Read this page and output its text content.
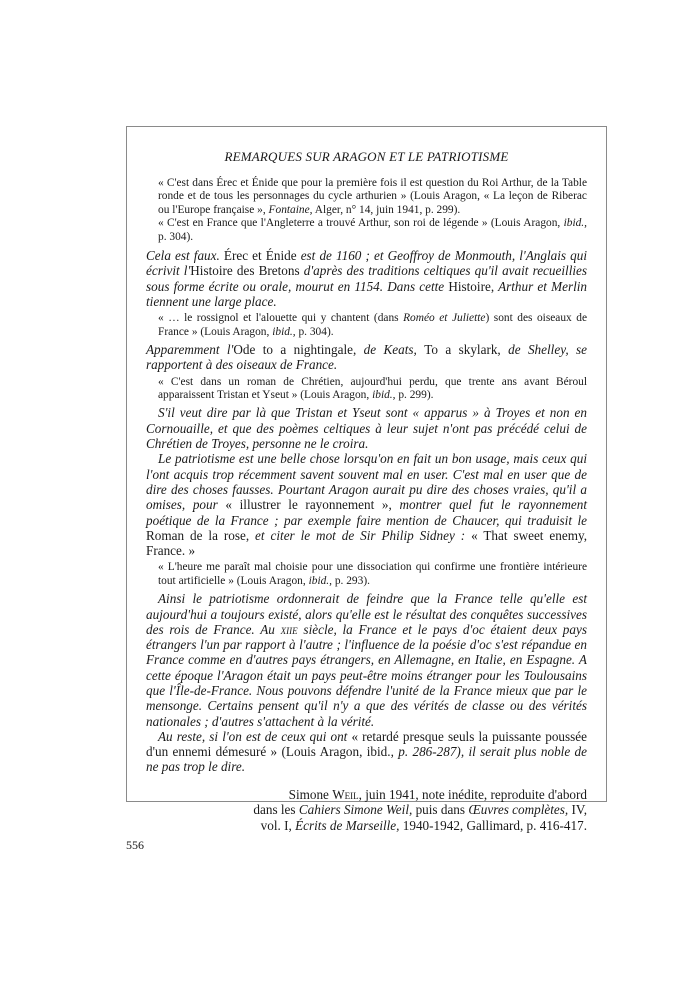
REMARQUES SUR ARAGON ET LE PATRIOTISME

« C'est dans Érec et Énide que pour la première fois il est question du Roi Arthur, de la Table ronde et de tous les personnages du cycle arthurien » (Louis Aragon, « La leçon de Riberac ou l'Europe française », Fontaine, Alger, n° 14, juin 1941, p. 299).

« C'est en France que l'Angleterre a trouvé Arthur, son roi de légende » (Louis Aragon, ibid., p. 304).

Cela est faux. Érec et Énide est de 1160 ; et Geoffroy de Monmouth, l'Anglais qui écrivit l'Histoire des Bretons d'après des traditions celtiques qu'il avait recueillies sous forme écrite ou orale, mourut en 1154. Dans cette Histoire, Arthur et Merlin tiennent une large place.

« … le rossignol et l'alouette qui y chantent (dans Roméo et Juliette) sont des oiseaux de France » (Louis Aragon, ibid., p. 304).

Apparemment l'Ode to a nightingale, de Keats, To a skylark, de Shelley, se rapportent à des oiseaux de France.

« C'est dans un roman de Chrétien, aujourd'hui perdu, que trente ans avant Béroul apparaissent Tristan et Yseut » (Louis Aragon, ibid., p. 299).

S'il veut dire par là que Tristan et Yseut sont « apparus » à Troyes et non en Cornouaille, et que des poèmes celtiques à leur sujet n'ont pas précédé celui de Chrétien de Troyes, personne ne le croira.

Le patriotisme est une belle chose lorsqu'on en fait un bon usage, mais ceux qui l'ont acquis trop récemment savent souvent mal en user. C'est mal en user que de dire des choses fausses. Pourtant Aragon aurait pu dire des choses vraies, qu'il a omises, pour « illustrer le rayonnement », montrer quel fut le rayonnement poétique de la France ; par exemple faire mention de Chaucer, qui traduisit le Roman de la rose, et citer le mot de Sir Philip Sidney : « That sweet enemy, France. »

« L'heure me paraît mal choisie pour une dissociation qui confirme une frontière intérieure tout artificielle » (Louis Aragon, ibid., p. 293).

Ainsi le patriotisme ordonnerait de feindre que la France telle qu'elle est aujourd'hui a toujours existé, alors qu'elle est le résultat des conquêtes successives des rois de France. Au xiie siècle, la France et le pays d'oc étaient deux pays étrangers l'un par rapport à l'autre ; l'influence de la poésie d'oc s'est répandue en France comme en d'autres pays étrangers, en Allemagne, en Italie, en Espagne. A cette époque l'Aragon était un pays peut-être moins étranger pour les Toulousains que l'Île-de-France. Nous pouvons défendre l'unité de la France mieux que par le mensonge. Certains pensent qu'il n'y a que des vérités de classe ou des vérités nationales ; d'autres s'attachent à la vérité.

Au reste, si l'on est de ceux qui ont « retardé presque seuls la puissante poussée d'un ennemi démesuré » (Louis Aragon, ibid., p. 286-287), il serait plus noble de ne pas trop le dire.

Simone Weil, juin 1941, note inédite, reproduite d'abord
dans les Cahiers Simone Weil, puis dans Œuvres complètes, IV,
vol. I, Écrits de Marseille, 1940-1942, Gallimard, p. 416-417.
556
